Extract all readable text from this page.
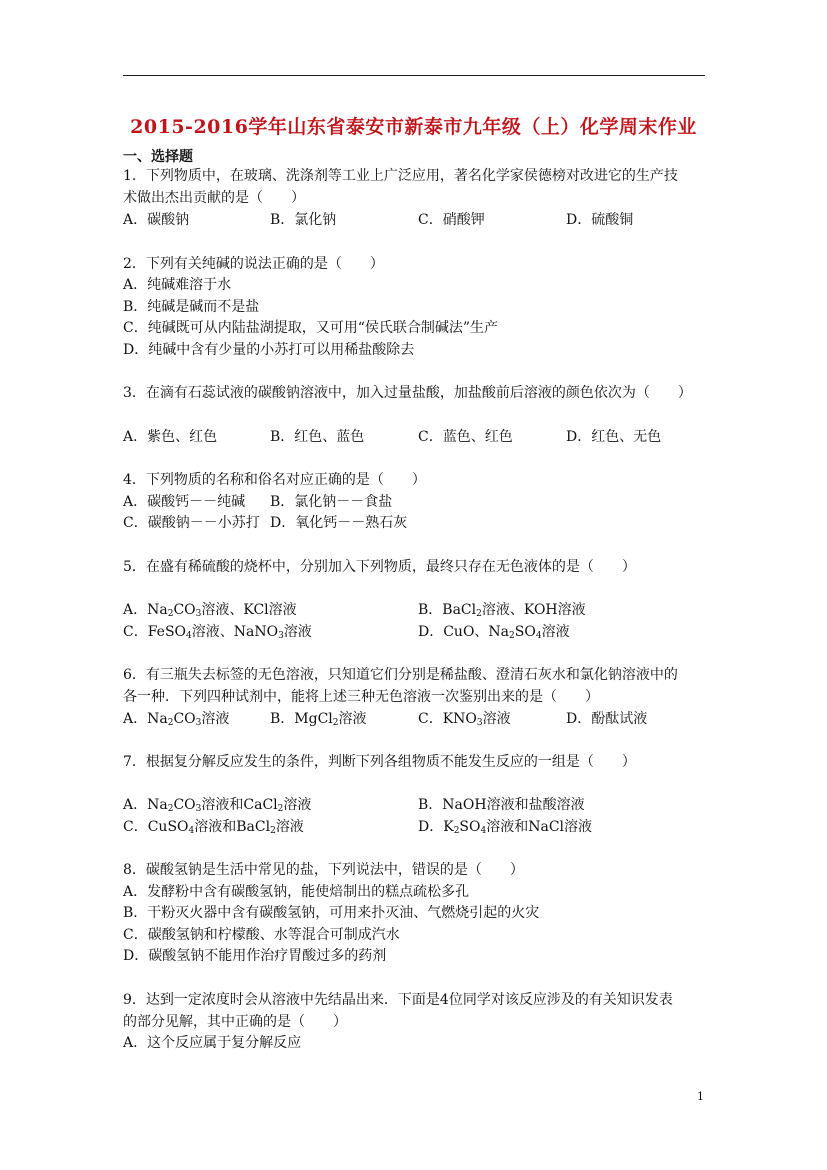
2015-2016学年山东省泰安市新泰市九年级（上）化学周末作业
一、选择题
1．下列物质中，在玻璃、洗涤剂等工业上广泛应用，著名化学家侯德榜对改进它的生产技
术做出杰出贡献的是（　　）
A．碳酸钠	B．氯化钠	C．硝酸钾	D．硫酸铜
2．下列有关纯碱的说法正确的是（　　）
A．纯碱难溶于水
B．纯碱是碱而不是盐
C．纯碱既可从内陆盐湖提取，又可用“侯氏联合制碱法”生产
D．纯碱中含有少量的小苏打可以用稀盐酸除去
3．在滴有石蕊试液的碳酸钠溶液中，加入过量盐酸，加盐酸前后溶液的颜色依次为（　　）
A．紫色、红色	B．红色、蓝色	C．蓝色、红色	D．红色、无色
4．下列物质的名称和俗名对应正确的是（　　）
A．碳酸钙－－纯碱 B．氯化钠－－食盐
C．碳酸钠－－小苏打 D．氧化钙－－熟石灰
5．在盛有稀硫酸的烧杯中，分别加入下列物质，最终只存在无色液体的是（　　）
A．$Na_2CO_3$溶液、KCl溶液	B．BaCl$_2$溶液、KOH溶液
C．FeSO$_4$溶液、NaNO$_3$溶液	D．CuO、$Na_2SO_4$溶液
6．有三瓶失去标签的无色溶液，只知道它们分别是稀盐酸、澄清石灰水和氯化钠溶液中的
各一种．下列四种试剂中，能将上述三种无色溶液一次鉴别出来的是（　　）
A．$Na_2CO_3$溶液	B．MgCl$_2$溶液	C．$KNO_3$溶液	D．酚酞试液
7．根据复分解反应发生的条件，判断下列各组物质不能发生反应的一组是（　　）
A．$Na_2CO_3$溶液和CaCl$_2$溶液	B．NaOH溶液和盐酸溶液
C．CuSO$_4$溶液和BaCl$_2$溶液	D．$K_2SO_4$溶液和NaCl溶液
8．碳酸氢钠是生活中常见的盐，下列说法中，错误的是（　　）
A．发酵粉中含有碳酸氢钠，能使焙制出的糕点疏松多孔
B．干粉灭火器中含有碳酸氢钠，可用来扑灭油、气燃烧引起的火灾
C．碳酸氢钠和柠檬酸、水等混合可制成汽水
D．碳酸氢钠不能用作治疗胃酸过多的药剂
9．达到一定浓度时会从溶液中先结晶出来．下面是4位同学对该反应涉及的有关知识发表
的部分见解，其中正确的是（　　）
A．这个反应属于复分解反应
1
